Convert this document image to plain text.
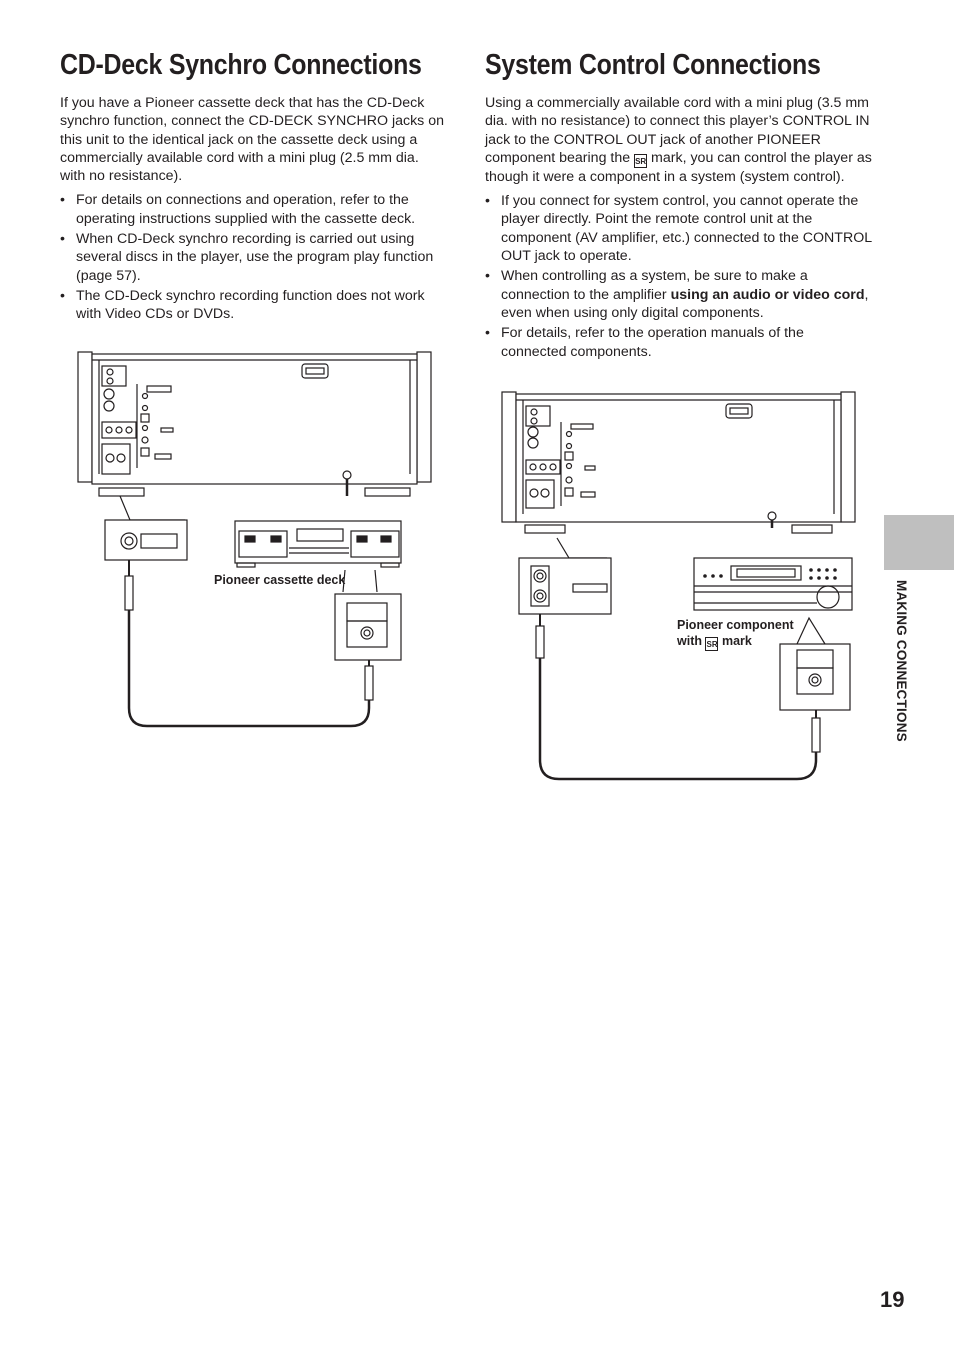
CD-Deck Synchro Connections

If you have a Pioneer cassette deck that has the CD-Deck synchro function, connect the CD-DECK SYNCHRO jacks on this unit to the identical jack on the cassette deck using a commercially available cord with a mini plug (2.5 mm dia. with no resistance).

• For details on connections and operation, refer to the operating instructions supplied with the cassette deck.
• When CD-Deck synchro recording is carried out using several discs in the player, use the program play function (page 57).
• The CD-Deck synchro recording function does not work with Video CDs or DVDs.
System Control Connections

Using a commercially available cord with a mini plug (3.5 mm dia. with no resistance) to connect this player’s CONTROL IN jack to the CONTROL OUT jack of another PIONEER component bearing the SR mark, you can control the player as though it were a component in a system (system control).

• If you connect for system control, you cannot operate the player directly. Point the remote control unit at the component (AV amplifier, etc.) connected to the CONTROL OUT jack to operate.
• When controlling as a system, be sure to make a connection to the amplifier using an audio or video cord, even when using only digital components.
• For details, refer to the operation manuals of the connected components.
Pioneer cassette deck
Pioneer component
with SR mark	MAKING CONNECTIONS
19
